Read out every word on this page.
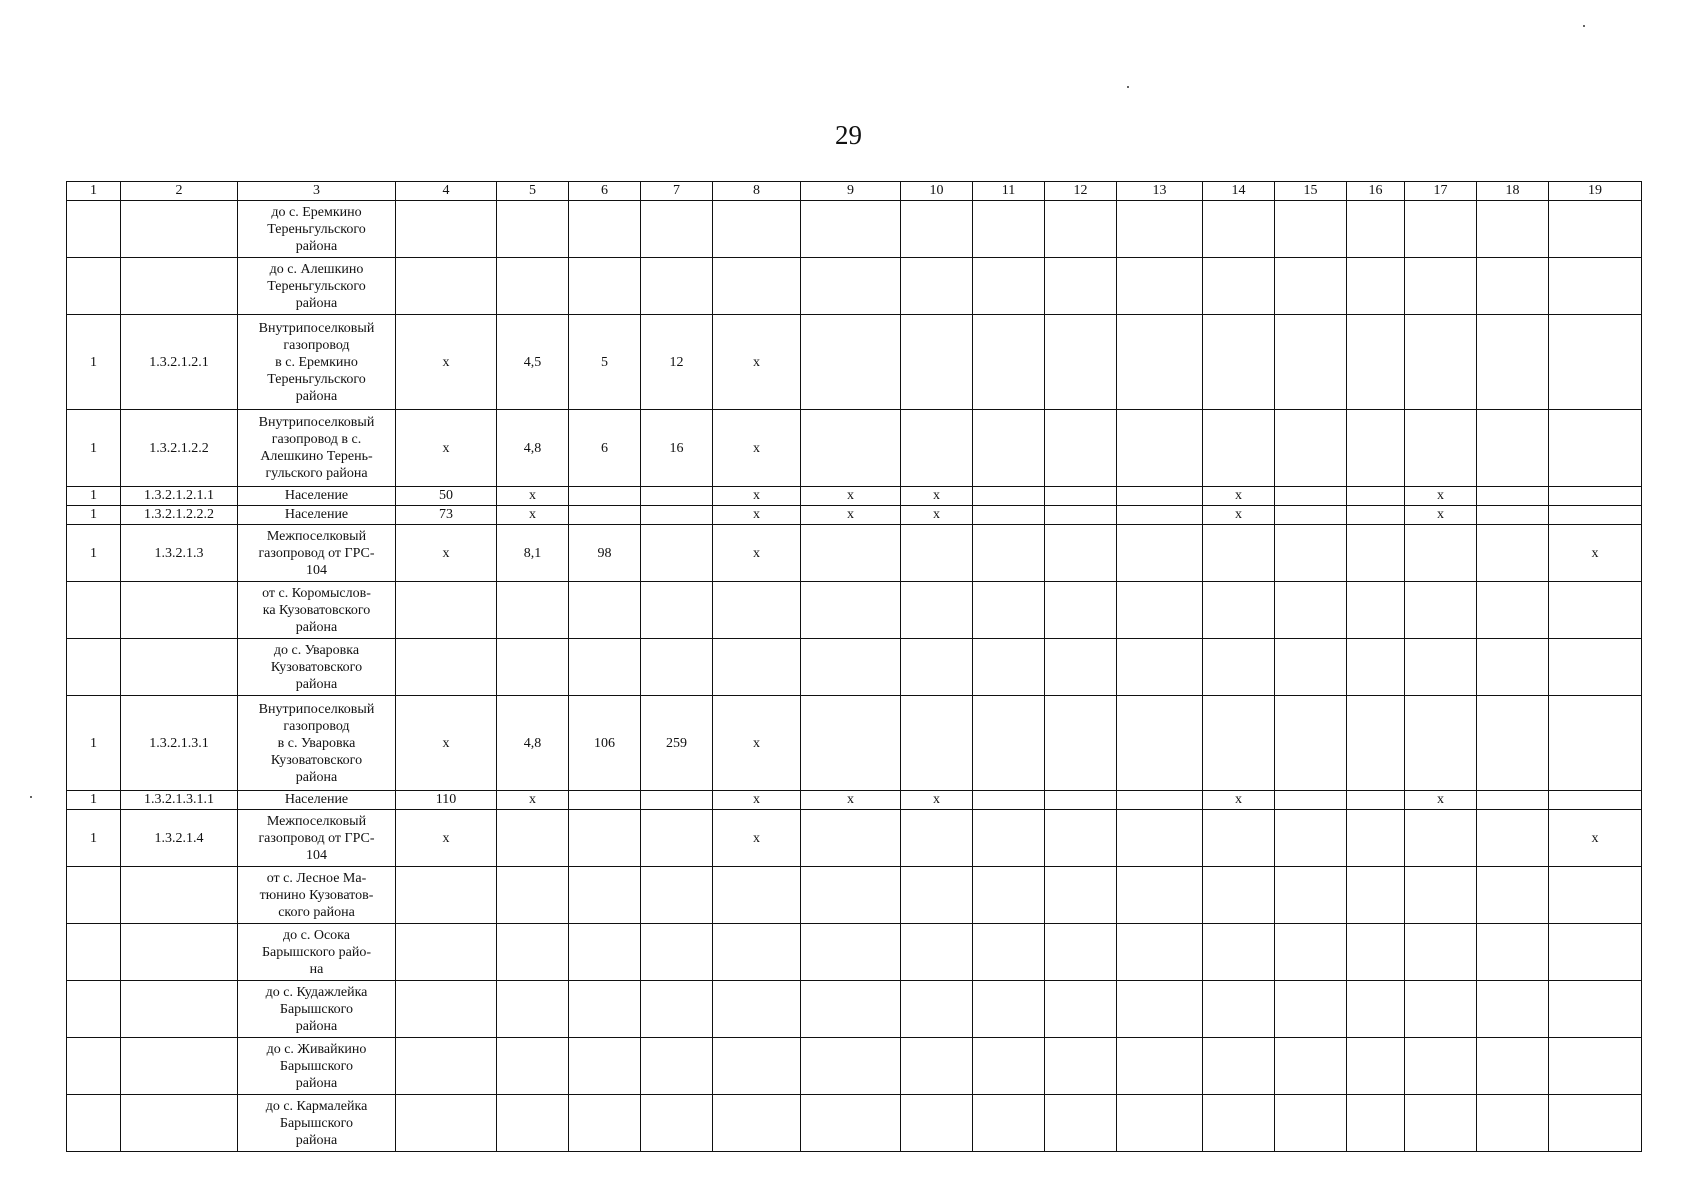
29
1	2	3	4	5	6	7	8	9	10	11	12	13	14	15	16	17	18	19
		до с. Еремкино
Тереньгульского
района																
		до с. Алешкино
Тереньгульского
района																
1	1.3.2.1.2.1	Внутрипоселковый
газопровод
в с. Еремкино
Тереньгульского
района	х	4,5	5	12	х											
1	1.3.2.1.2.2	Внутрипоселковый
газопровод в с.
Алешкино Терень-
гульского района	х	4,8	6	16	х											
1	1.3.2.1.2.1.1	Население	50	х			х	х	х				х			х		
1	1.3.2.1.2.2.2	Население	73	х			х	х	х				х			х		
1	1.3.2.1.3	Межпоселковый
газопровод от ГРС-
104	х	8,1	98		х											х
		от с. Коромыслов-
ка Кузоватовского
района																
		до с. Уваровка
Кузоватовского
района																
1	1.3.2.1.3.1	Внутрипоселковый
газопровод
в с. Уваровка
Кузоватовского
района	х	4,8	106	259	х											
1	1.3.2.1.3.1.1	Население	110	х			х	х	х				х			х		
1	1.3.2.1.4	Межпоселковый
газопровод от ГРС-
104	х				х											х
		от с. Лесное Ма-
тюнино Кузоватов-
ского района																
		до с. Осока
Барышского райо-
на																
		до с. Кудажлейка
Барышского
района																
		до с. Живайкино
Барышского
района																
		до с. Кармалейка
Барышского
района																
